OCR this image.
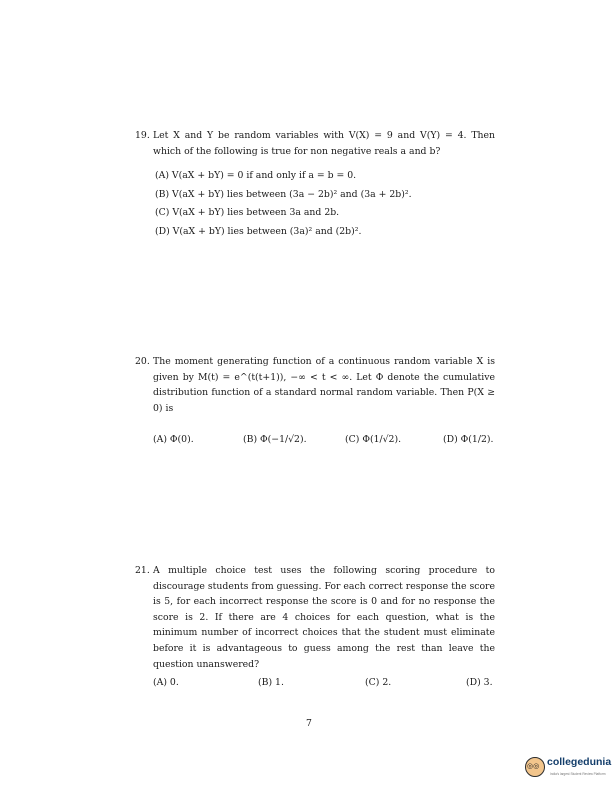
19. Let X and Y be random variables with V(X) = 9 and V(Y) = 4. Then which of the following is true for non negative reals a and b?
(A) V(aX + bY) = 0 if and only if a = b = 0.
(B) V(aX + bY) lies between (3a − 2b)² and (3a + 2b)².
(C) V(aX + bY) lies between 3a and 2b.
(D) V(aX + bY) lies between (3a)² and (2b)².
20. The moment generating function of a continuous random variable X is given by M(t) = e^(t(t+1)), −∞ < t < ∞. Let Φ denote the cumulative distribution function of a standard normal random variable. Then P(X ≥ 0) is
(A) Φ(0).	(B) Φ(−1/√2).	(C) Φ(1/√2).	(D) Φ(1/2).
21. A multiple choice test uses the following scoring procedure to discourage students from guessing. For each correct response the score is 5, for each incorrect response the score is 0 and for no response the score is 2. If there are 4 choices for each question, what is the minimum number of incorrect choices that the student must eliminate before it is advantageous to guess among the rest than leave the question unanswered?
(A) 0.	(B) 1.	(C) 2.	(D) 3.
7
◎◎ collegedunia
India's largest Student Review Platform
